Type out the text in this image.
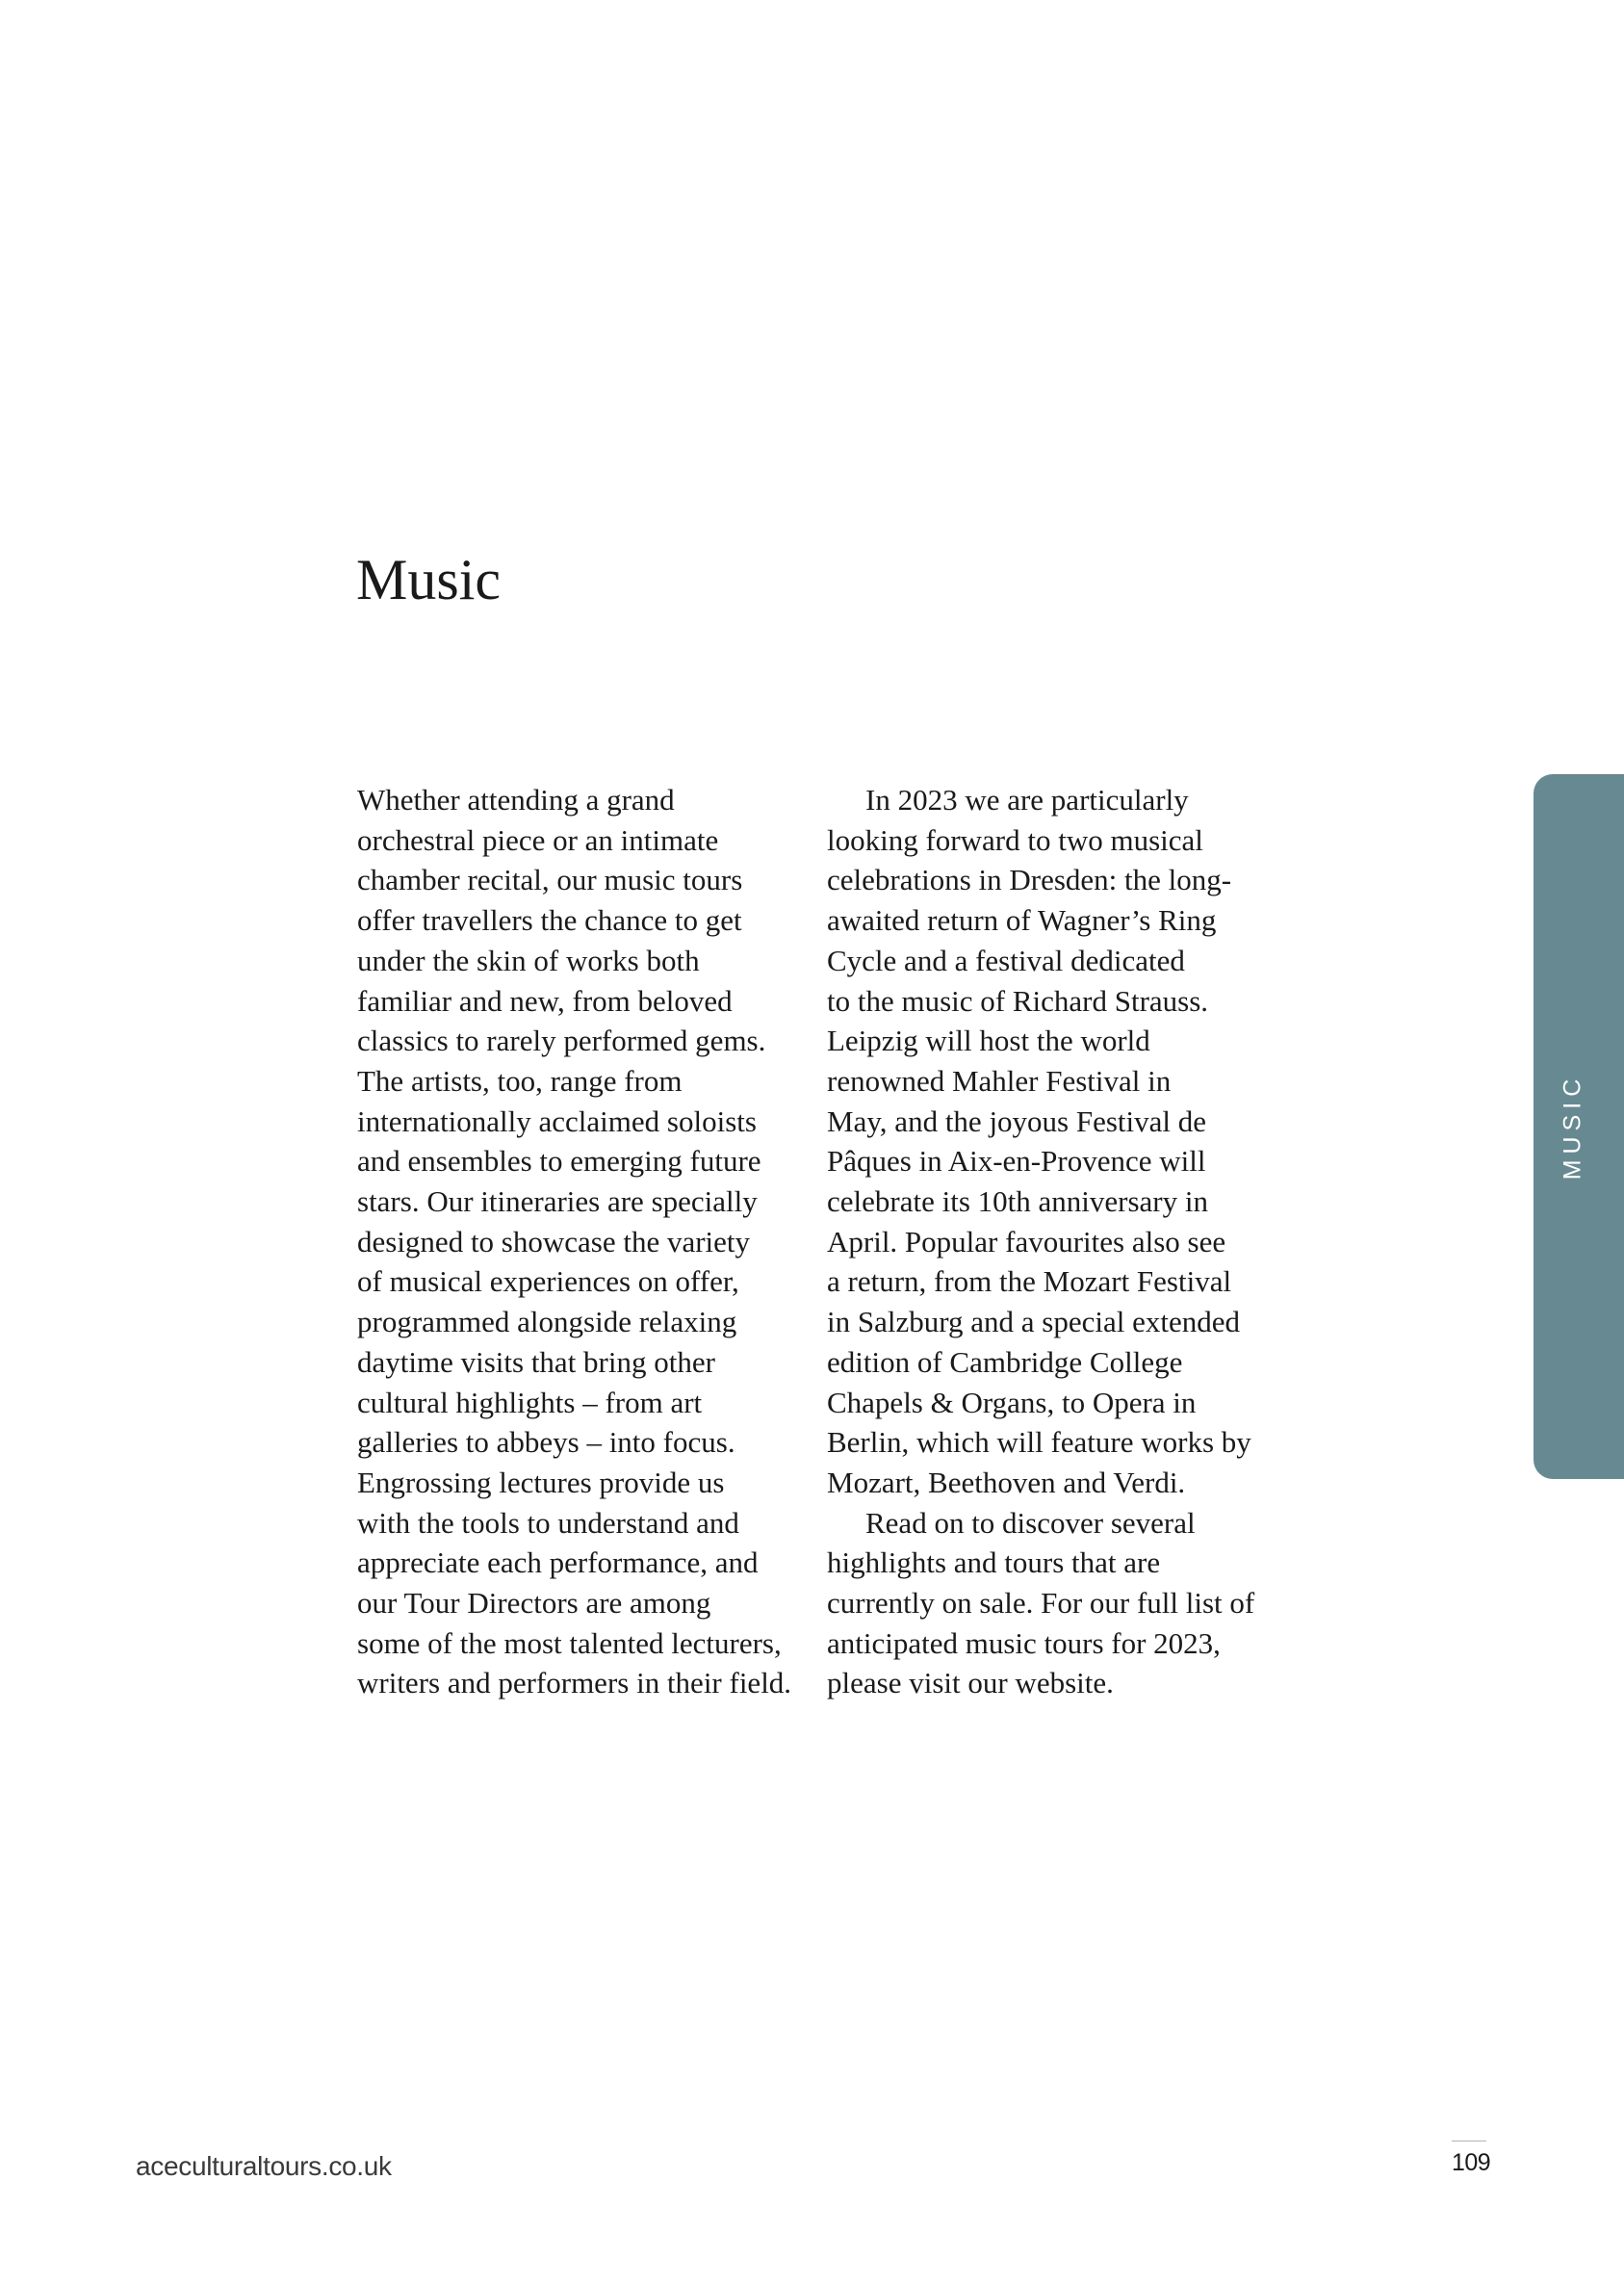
Music
Whether attending a grand
orchestral piece or an intimate
chamber recital, our music tours
offer travellers the chance to get
under the skin of works both
familiar and new, from beloved
classics to rarely performed gems.
The artists, too, range from
internationally acclaimed soloists
and ensembles to emerging future
stars. Our itineraries are specially
designed to showcase the variety
of musical experiences on offer,
programmed alongside relaxing
daytime visits that bring other
cultural highlights – from art
galleries to abbeys – into focus.
Engrossing lectures provide us
with the tools to understand and
appreciate each performance, and
our Tour Directors are among
some of the most talented lecturers,
writers and performers in their field.
In 2023 we are particularly
looking forward to two musical
celebrations in Dresden: the long-
awaited return of Wagner’s Ring
Cycle and a festival dedicated
to the music of Richard Strauss.
Leipzig will host the world
renowned Mahler Festival in
May, and the joyous Festival de
Pâques in Aix-en-Provence will
celebrate its 10th anniversary in
April. Popular favourites also see
a return, from the Mozart Festival
in Salzburg and a special extended
edition of Cambridge College
Chapels & Organs, to Opera in
Berlin, which will feature works by
Mozart, Beethoven and Verdi.
Read on to discover several
highlights and tours that are
currently on sale. For our full list of
anticipated music tours for 2023,
please visit our website.
MUSIC
aceculturaltours.co.uk	109
